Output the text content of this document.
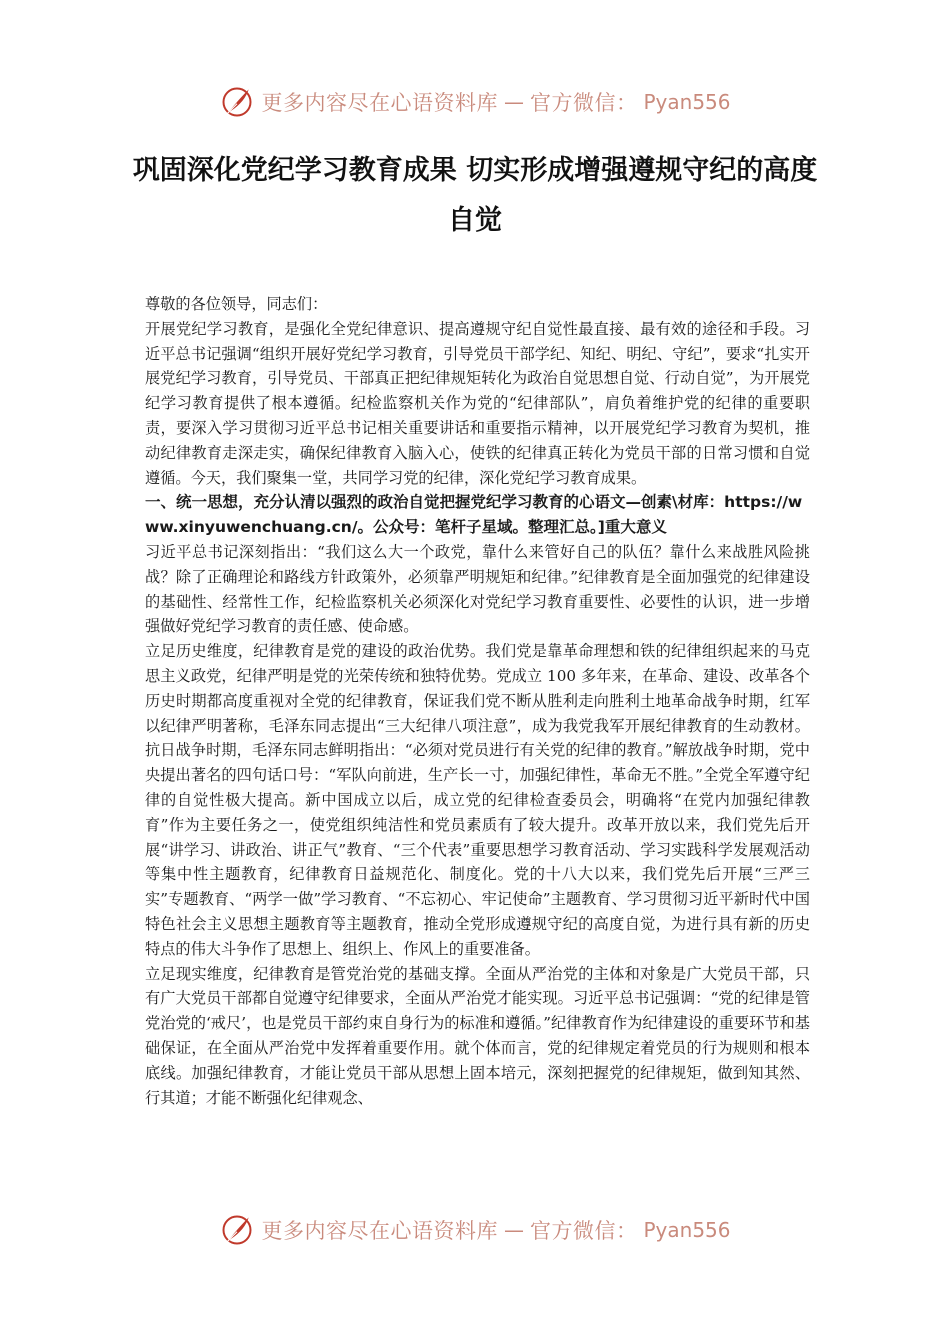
更多内容尽在心语资料库 — 官方微信： Pyan556
巩固深化党纪学习教育成果 切实形成增强遵规守纪的高度自觉

尊敬的各位领导，同志们：

开展党纪学习教育，是强化全党纪律意识、提高遵规守纪自觉性最直接、最有效的途径和手段。习近平总书记强调“组织开展好党纪学习教育，引导党员干部学纪、知纪、明纪、守纪”，要求“扎实开展党纪学习教育，引导党员、干部真正把纪律规矩转化为政治自觉思想自觉、行动自觉”，为开展党纪学习教育提供了根本遵循。纪检监察机关作为党的“纪律部队”，肩负着维护党的纪律的重要职责，要深入学习贯彻习近平总书记相关重要讲话和重要指示精神，以开展党纪学习教育为契机，推动纪律教育走深走实，确保纪律教育入脑入心，使铁的纪律真正转化为党员干部的日常习惯和自觉遵循。今天，我们聚集一堂，共同学习党的纪律，深化党纪学习教育成果。

一、统一思想，充分认清以强烈的政治自觉把握党纪学习教育的心语文—创素\材库：https://www.xinyuwenchuang.cn/。公众号：笔杆子星域。整理汇总。]重大意义

习近平总书记深刻指出：“我们这么大一个政党，靠什么来管好自己的队伍？靠什么来战胜风险挑战？除了正确理论和路线方针政策外，必须靠严明规矩和纪律。”纪律教育是全面加强党的纪律建设的基础性、经常性工作，纪检监察机关必须深化对党纪学习教育重要性、必要性的认识，进一步增强做好党纪学习教育的责任感、使命感。

立足历史维度，纪律教育是党的建设的政治优势。我们党是靠革命理想和铁的纪律组织起来的马克思主义政党，纪律严明是党的光荣传统和独特优势。党成立 100 多年来，在革命、建设、改革各个历史时期都高度重视对全党的纪律教育，保证我们党不断从胜利走向胜利土地革命战争时期，红军以纪律严明著称，毛泽东同志提出“三大纪律八项注意”，成为我党我军开展纪律教育的生动教材。抗日战争时期，毛泽东同志鲜明指出：“必须对党员进行有关党的纪律的教育。”解放战争时期，党中央提出著名的四句话口号：“军队向前进，生产长一寸，加强纪律性，革命无不胜。”全党全军遵守纪律的自觉性极大提高。新中国成立以后，成立党的纪律检查委员会，明确将“在党内加强纪律教育”作为主要任务之一，使党组织纯洁性和党员素质有了较大提升。改革开放以来，我们党先后开展“讲学习、讲政治、讲正气”教育、“三个代表”重要思想学习教育活动、学习实践科学发展观活动等集中性主题教育，纪律教育日益规范化、制度化。党的十八大以来，我们党先后开展“三严三实”专题教育、“两学一做”学习教育、“不忘初心、牢记使命”主题教育、学习贯彻习近平新时代中国特色社会主义思想主题教育等主题教育，推动全党形成遵规守纪的高度自觉，为进行具有新的历史特点的伟大斗争作了思想上、组织上、作风上的重要准备。

立足现实维度，纪律教育是管党治党的基础支撑。全面从严治党的主体和对象是广大党员干部，只有广大党员干部都自觉遵守纪律要求，全面从严治党才能实现。习近平总书记强调：“党的纪律是管党治党的‘戒尺’，也是党员干部约束自身行为的标准和遵循。”纪律教育作为纪律建设的重要环节和基础保证，在全面从严治党中发挥着重要作用。就个体而言，党的纪律规定着党员的行为规则和根本底线。加强纪律教育，才能让党员干部从思想上固本培元，深刻把握党的纪律规矩，做到知其然、行其道；才能不断强化纪律观念、

更多内容尽在心语资料库 — 官方微信： Pyan556
